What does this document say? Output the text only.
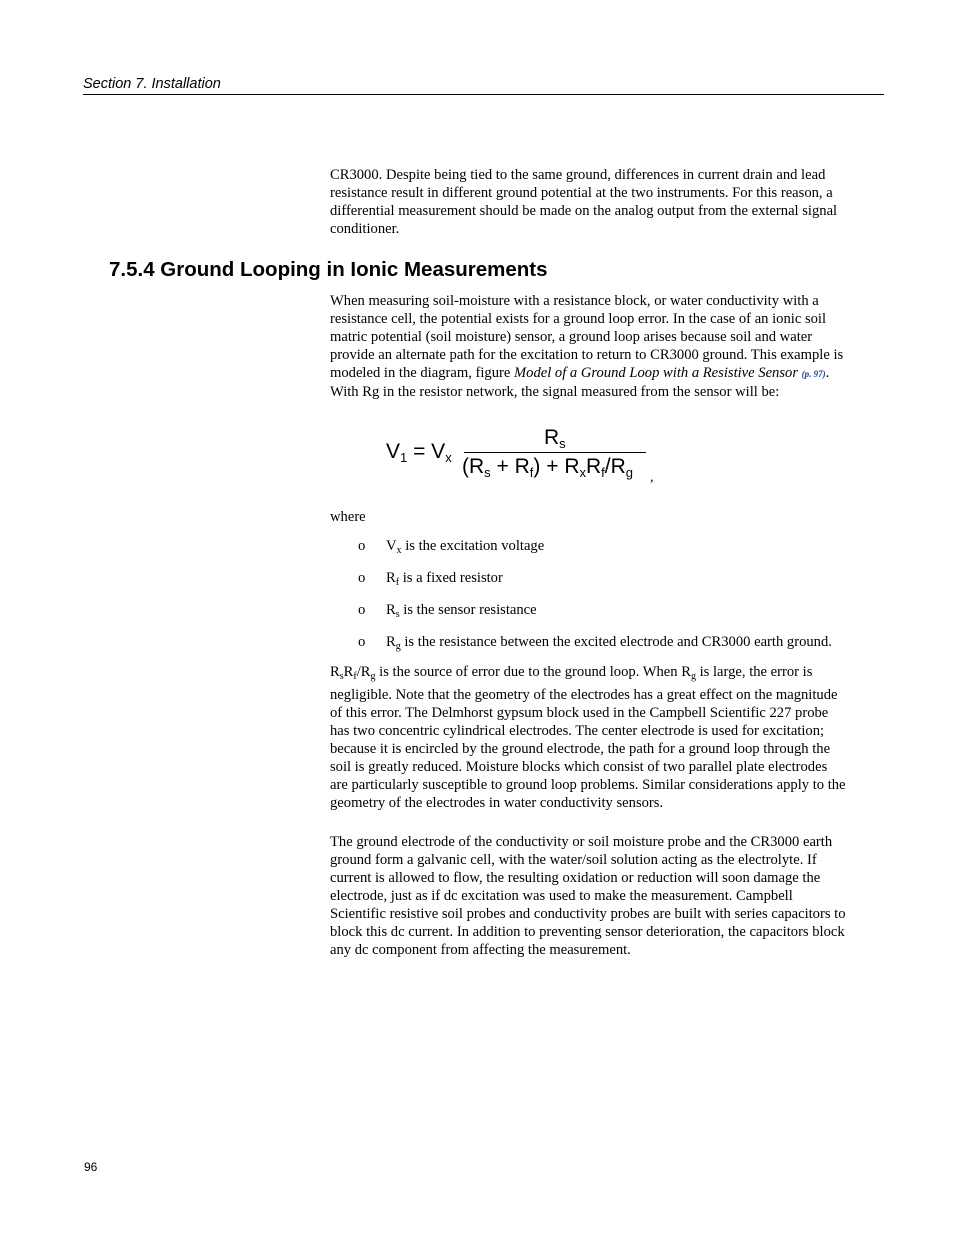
Section 7. Installation

CR3000. Despite being tied to the same ground, differences in current drain and lead resistance result in different ground potential at the two instruments. For this reason, a differential measurement should be made on the analog output from the external signal conditioner.

7.5.4 Ground Looping in Ionic Measurements

When measuring soil-moisture with a resistance block, or water conductivity with a resistance cell, the potential exists for a ground loop error. In the case of an ionic soil matric potential (soil moisture) sensor, a ground loop arises because soil and water provide an alternate path for the excitation to return to CR3000 ground. This example is modeled in the diagram, figure Model of a Ground Loop with a Resistive Sensor (p. 97). With Rg in the resistor network, the signal measured from the sensor will be:

$V_1 = V_x$
$R_s$
$(R_s + R_f) + R_xR_f/R_g$ ,

where

o $V_x$ is the excitation voltage
o $R_f$ is a fixed resistor
o $R_s$ is the sensor resistance
o $R_g$ is the resistance between the excited electrode and CR3000 earth ground.

$R_sR_f/R_g$ is the source of error due to the ground loop. When $R_g$ is large, the error is negligible. Note that the geometry of the electrodes has a great effect on the magnitude of this error. The Delmhorst gypsum block used in the Campbell Scientific 227 probe has two concentric cylindrical electrodes. The center electrode is used for excitation; because it is encircled by the ground electrode, the path for a ground loop through the soil is greatly reduced. Moisture blocks which consist of two parallel plate electrodes are particularly susceptible to ground loop problems. Similar considerations apply to the geometry of the electrodes in water conductivity sensors.

The ground electrode of the conductivity or soil moisture probe and the CR3000 earth ground form a galvanic cell, with the water/soil solution acting as the electrolyte. If current is allowed to flow, the resulting oxidation or reduction will soon damage the electrode, just as if dc excitation was used to make the measurement. Campbell Scientific resistive soil probes and conductivity probes are built with series capacitors to block this dc current. In addition to preventing sensor deterioration, the capacitors block any dc component from affecting the measurement.

96
